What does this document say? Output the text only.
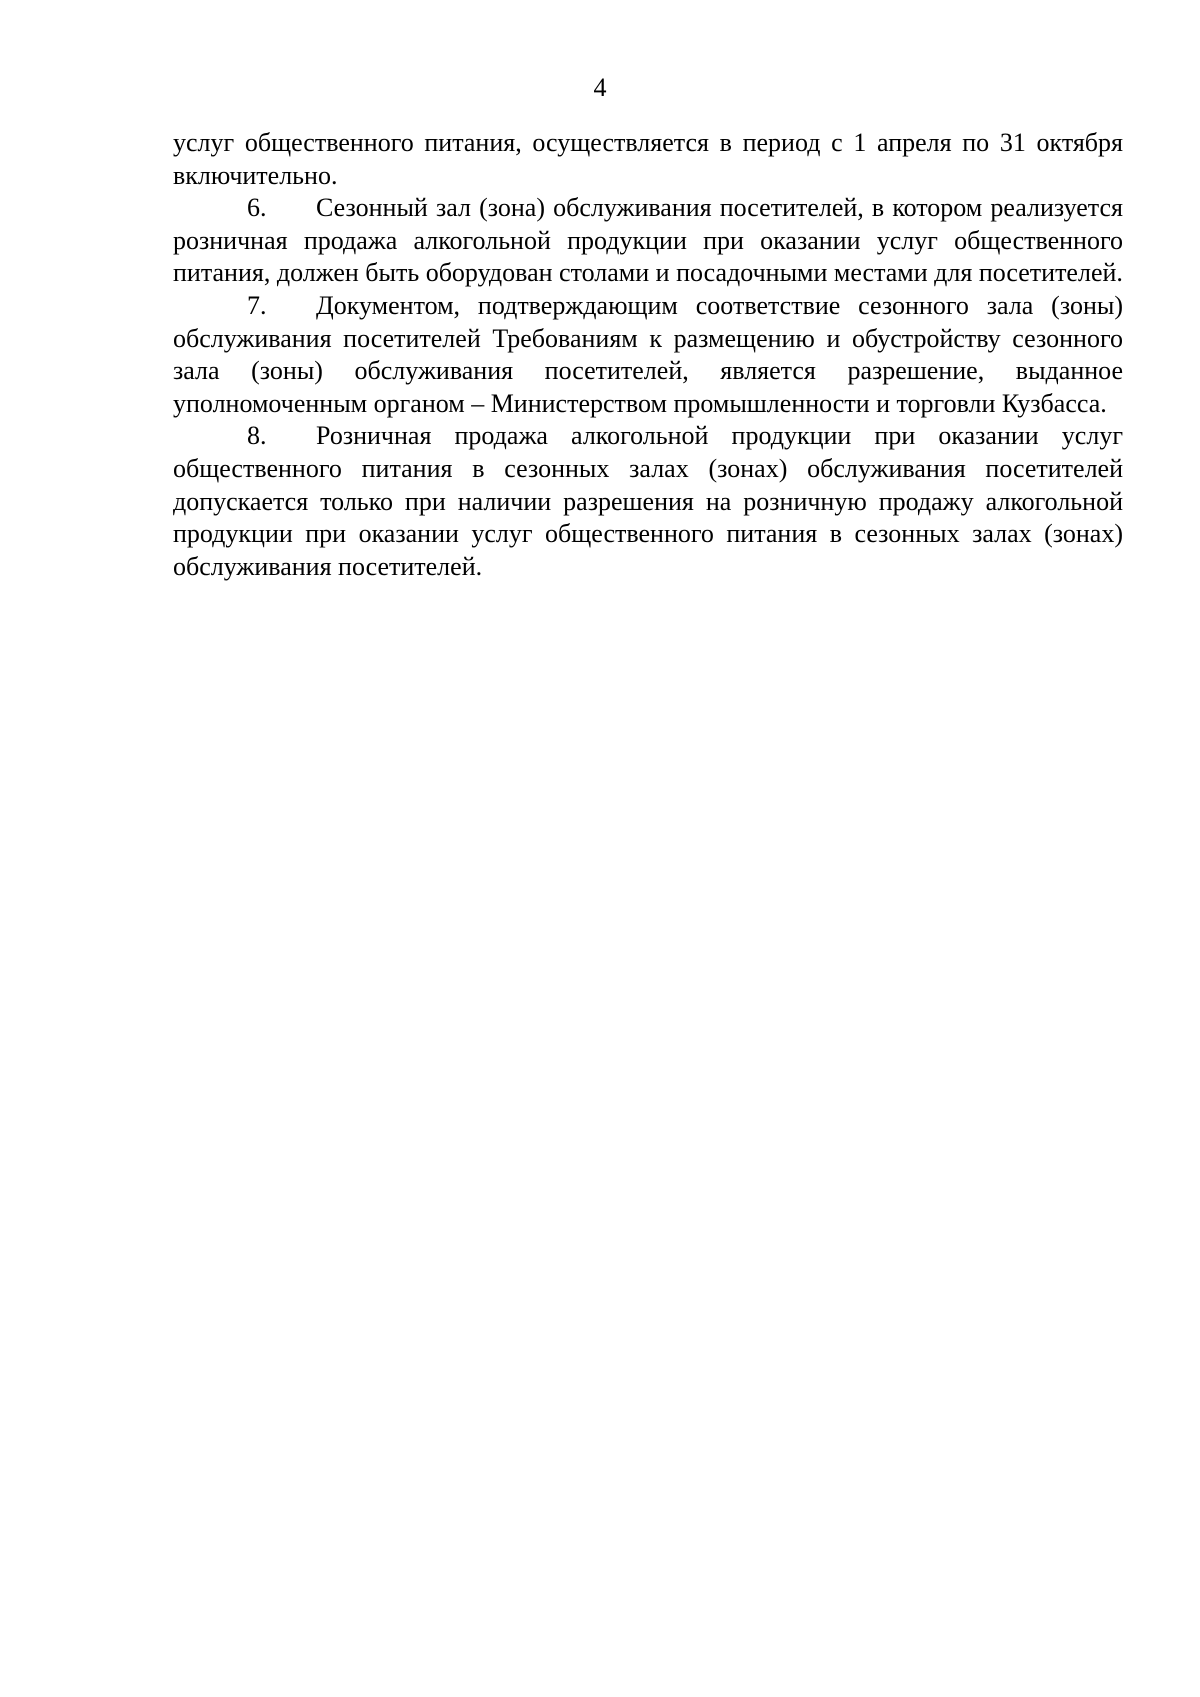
4

услуг общественного питания, осуществляется в период с 1 апреля по 31 октября включительно.

6. Сезонный зал (зона) обслуживания посетителей, в котором реализуется розничная продажа алкогольной продукции при оказании услуг общественного питания, должен быть оборудован столами и посадочными местами для посетителей.

7. Документом, подтверждающим соответствие сезонного зала (зоны) обслуживания посетителей Требованиям к размещению и обустройству сезонного зала (зоны) обслуживания посетителей, является разрешение, выданное уполномоченным органом – Министерством промышленности и торговли Кузбасса.

8. Розничная продажа алкогольной продукции при оказании услуг общественного питания в сезонных залах (зонах) обслуживания посетителей допускается только при наличии разрешения на розничную продажу алкогольной продукции при оказании услуг общественного питания в сезонных залах (зонах) обслуживания посетителей.
